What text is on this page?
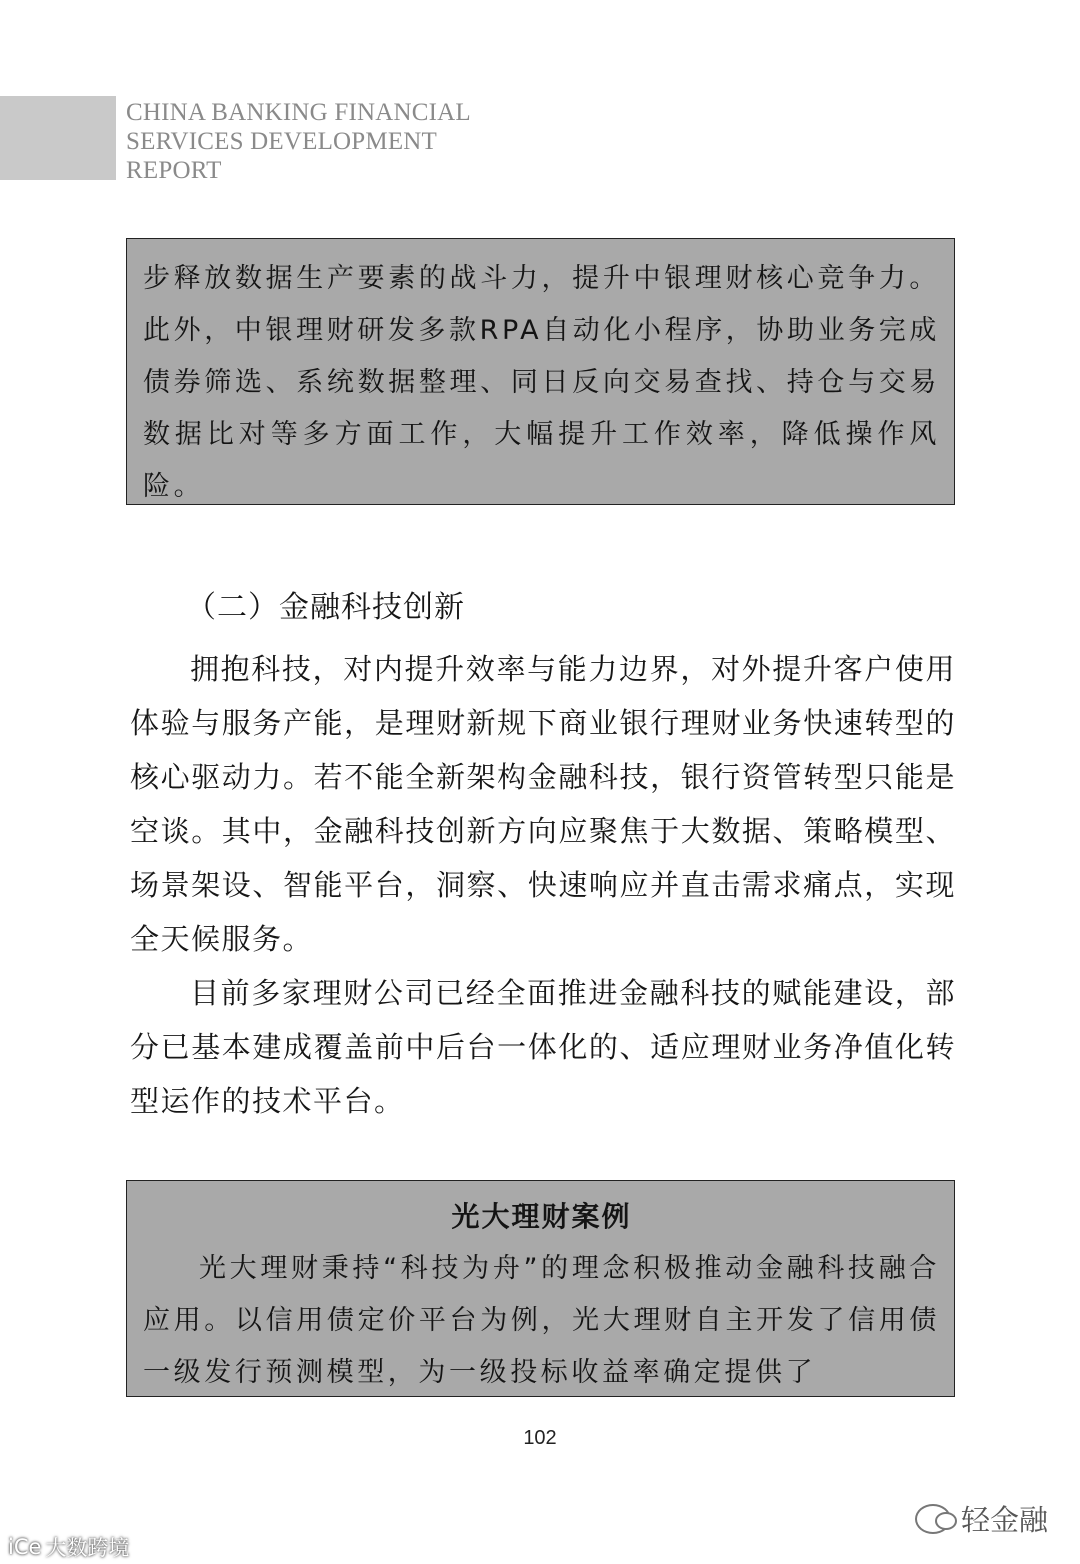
CHINA BANKING FINANCIAL
SERVICES DEVELOPMENT
REPORT
步释放数据生产要素的战斗力，提升中银理财核心竞争力。此外，中银理财研发多款RPA自动化小程序，协助业务完成债券筛选、系统数据整理、同日反向交易查找、持仓与交易数据比对等多方面工作，大幅提升工作效率，降低操作风险。
（二）金融科技创新

拥抱科技，对内提升效率与能力边界，对外提升客户使用体验与服务产能，是理财新规下商业银行理财业务快速转型的核心驱动力。若不能全新架构金融科技，银行资管转型只能是空谈。其中，金融科技创新方向应聚焦于大数据、策略模型、场景架设、智能平台，洞察、快速响应并直击需求痛点，实现全天候服务。

目前多家理财公司已经全面推进金融科技的赋能建设，部分已基本建成覆盖前中后台一体化的、适应理财业务净值化转型运作的技术平台。

光大理财案例
光大理财秉持“科技为舟”的理念积极推动金融科技融合应用。以信用债定价平台为例，光大理财自主开发了信用债一级发行预测模型，为一级投标收益率确定提供了
102
iCe 大数跨境
轻金融
